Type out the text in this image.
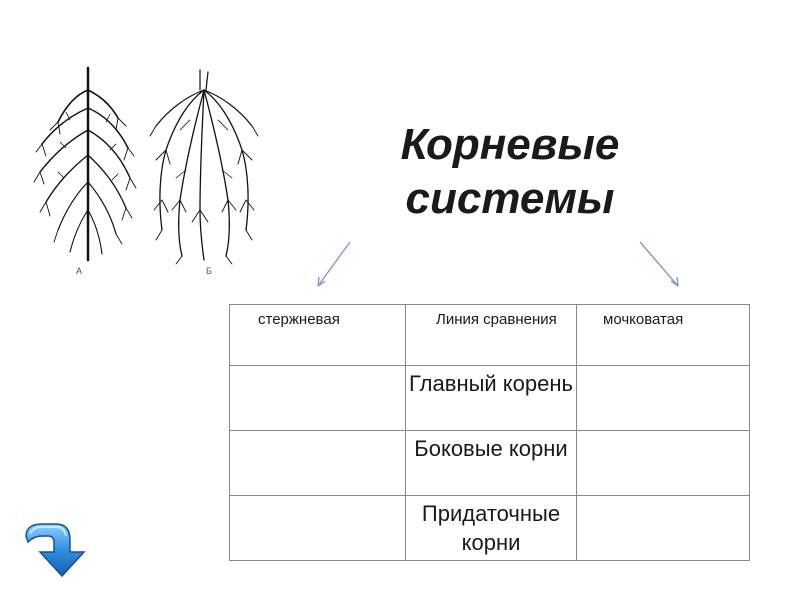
А	Б
Корневые
системы
стержневая	Линия сравнения	мочковатая

	Главный корень	

	Боковые корни	

	Придаточные корни	
